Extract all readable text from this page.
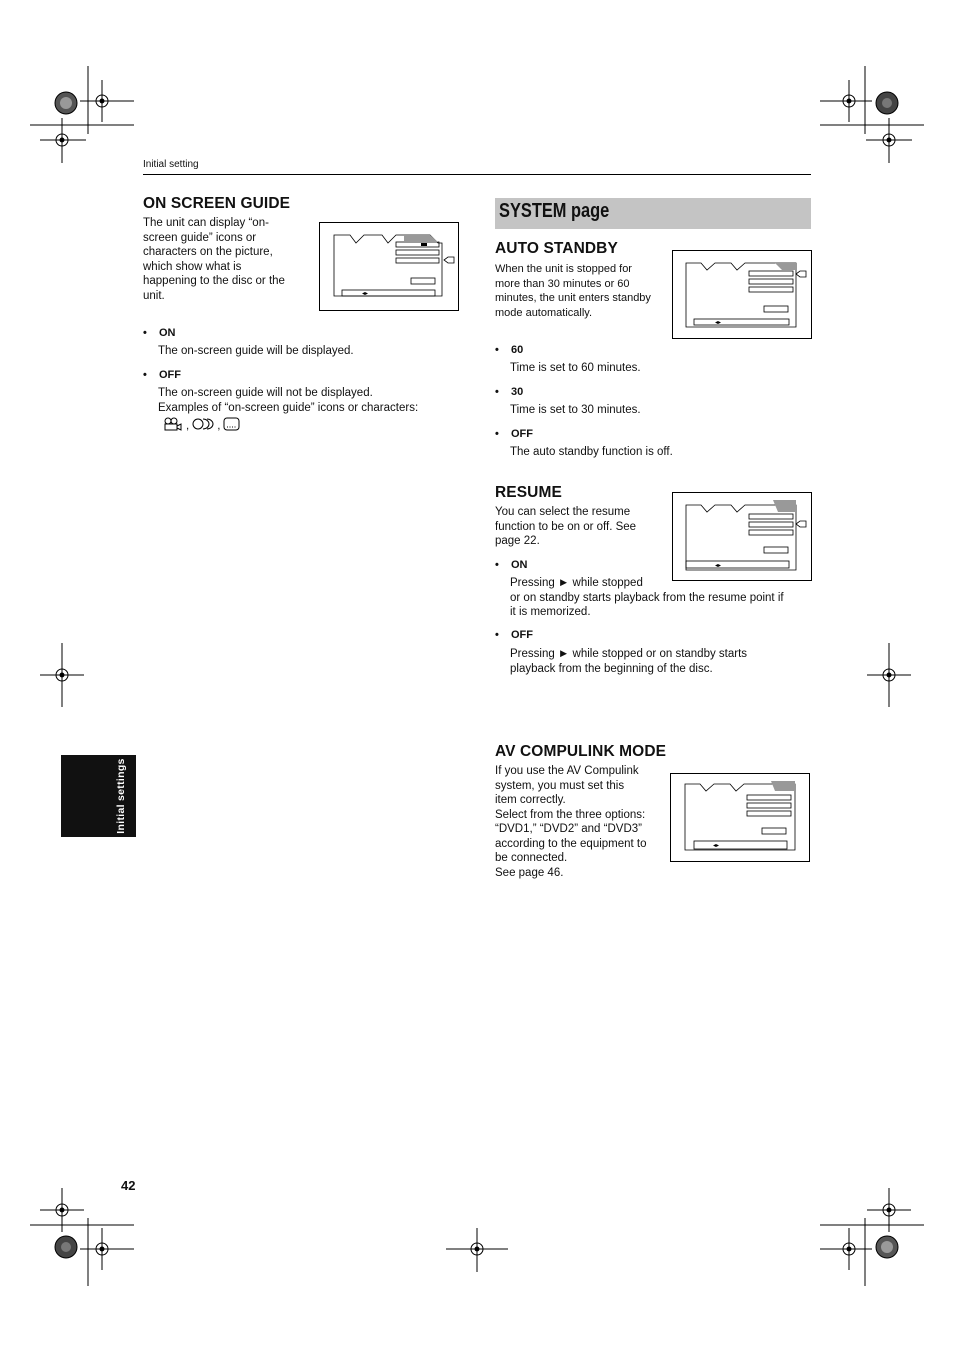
Initial setting
ON SCREEN GUIDE
The unit can display “on-
screen guide” icons or
characters on the picture,
which show what is
happening to the disc or the
unit.	◂▸
• ON
The on-screen guide will be displayed.
• OFF
The on-screen guide will not be displayed.
Examples of “on-screen guide” icons or characters:
, ,
SYSTEM page
AUTO STANDBY
When the unit is stopped for
more than 30 minutes or 60
minutes, the unit enters standby
mode automatically.
◂▸
• 60
Time is set to 60 minutes.
• 30
Time is set to 30 minutes.
• OFF
The auto standby function is off.
RESUME
You can select the resume
function to be on or off. See
page 22.
◂▸
• ON
Pressing ► while stopped
or on standby starts playback from the resume point if
it is memorized.
• OFF
Pressing ► while stopped or on standby starts
playback from the beginning of the disc.
AV COMPULINK MODE
If you use the AV Compulink
system, you must set this
item correctly.
Select from the three options:
“DVD1,” “DVD2” and “DVD3”
according to the equipment to
be connected.
See page 46.
◂▸
Initial settings
42
